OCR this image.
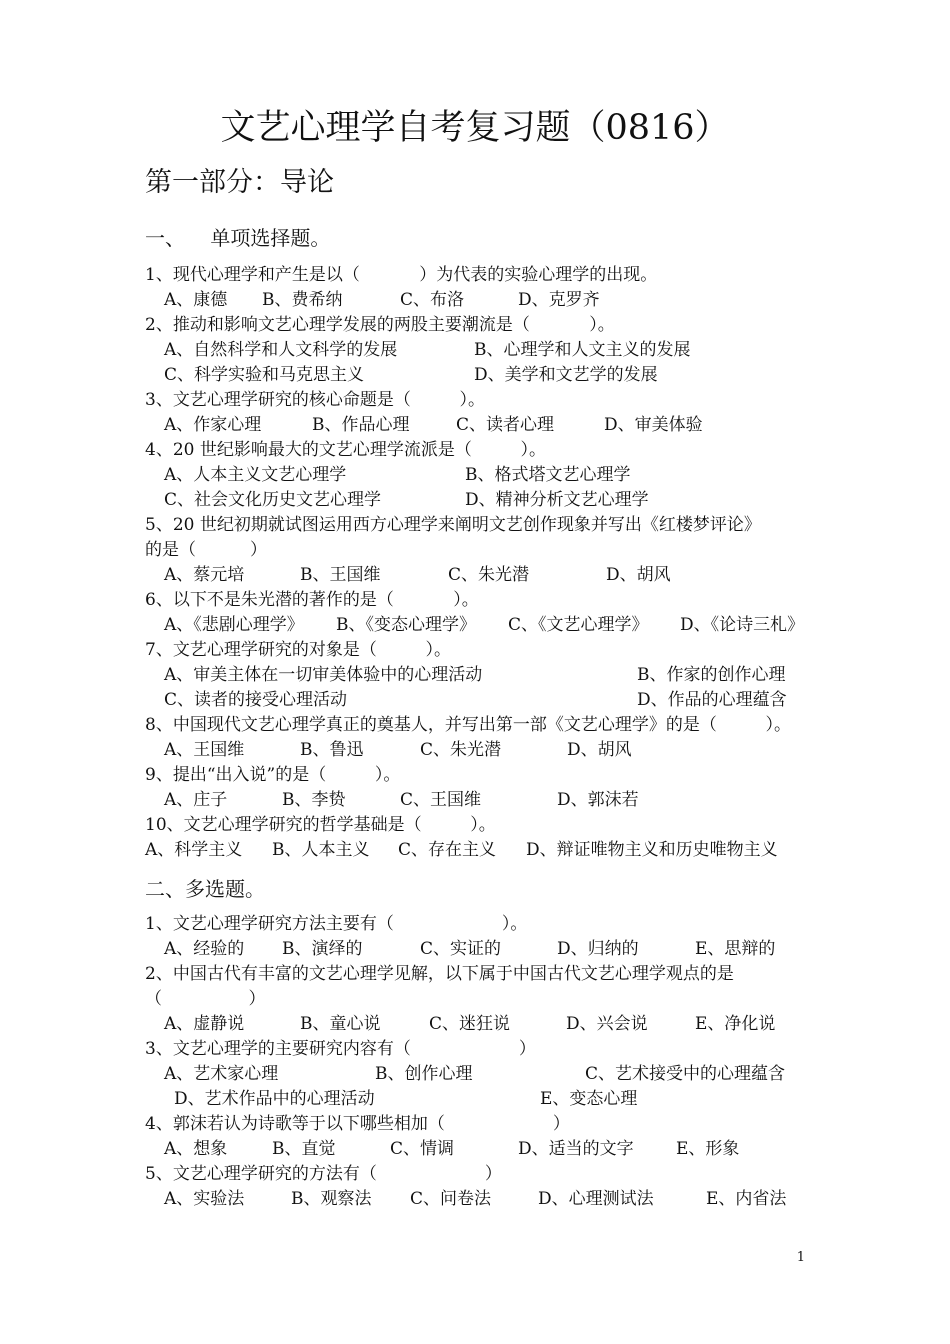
文艺心理学自考复习题（0816）
第一部分：导论
一、    单项选择题。
1、现代心理学和产生是以（           ）为代表的实验心理学的出现。
A、康德 B、费希纳	C、布洛	D、克罗齐
2、推动和影响文艺心理学发展的两股主要潮流是（           ）。
A、自然科学和人文科学的发展	B、心理学和人文主义的发展
C、科学实验和马克思主义	D、美学和文艺学的发展
3、文艺心理学研究的核心命题是（         ）。
A、作家心理	B、作品心理	C、读者心理	D、审美体验
4、20 世纪影响最大的文艺心理学流派是（         ）。
A、人本主义文艺心理学	B、格式塔文艺心理学
C、社会文化历史文艺心理学	D、精神分析文艺心理学
5、20 世纪初期就试图运用西方心理学来阐明文艺创作现象并写出《红楼梦评论》
的是（          ）
A、蔡元培	B、王国维	C、朱光潜	D、胡风
6、以下不是朱光潜的著作的是（           ）。
A、《悲剧心理学》 B、《变态心理学》 C、《文艺心理学》 D、《论诗三札》
7、文艺心理学研究的对象是（         ）。
A、审美主体在一切审美体验中的心理活动	B、作家的创作心理
C、读者的接受心理活动	D、作品的心理蕴含
8、中国现代文艺心理学真正的奠基人，并写出第一部《文艺心理学》的是（         ）。
A、王国维	B、鲁迅	C、朱光潜	D、胡风
9、提出“出入说”的是（         ）。
A、庄子	B、李贽	C、王国维	D、郭沫若
10、文艺心理学研究的哲学基础是（         ）。
A、科学主义 B、人本主义 C、存在主义 D、辩证唯物主义和历史唯物主义
二、多选题。
1、文艺心理学研究方法主要有（                    ）。
A、经验的 B、演绎的	C、实证的	D、归纳的	E、思辩的
2、中国古代有丰富的文艺心理学见解，以下属于中国古代文艺心理学观点的是
（                ）
A、虚静说	B、童心说	C、迷狂说	D、兴会说	E、净化说
3、文艺心理学的主要研究内容有（                    ）
A、艺术家心理	B、创作心理	C、艺术接受中的心理蕴含
D、艺术作品中的心理活动	E、变态心理
4、郭沫若认为诗歌等于以下哪些相加（                    ）
A、想象	B、直觉	C、情调	D、适当的文字 E、形象
5、文艺心理学研究的方法有（                    ）
A、实验法	B、观察法 C、问卷法	D、心理测试法	E、内省法
1
